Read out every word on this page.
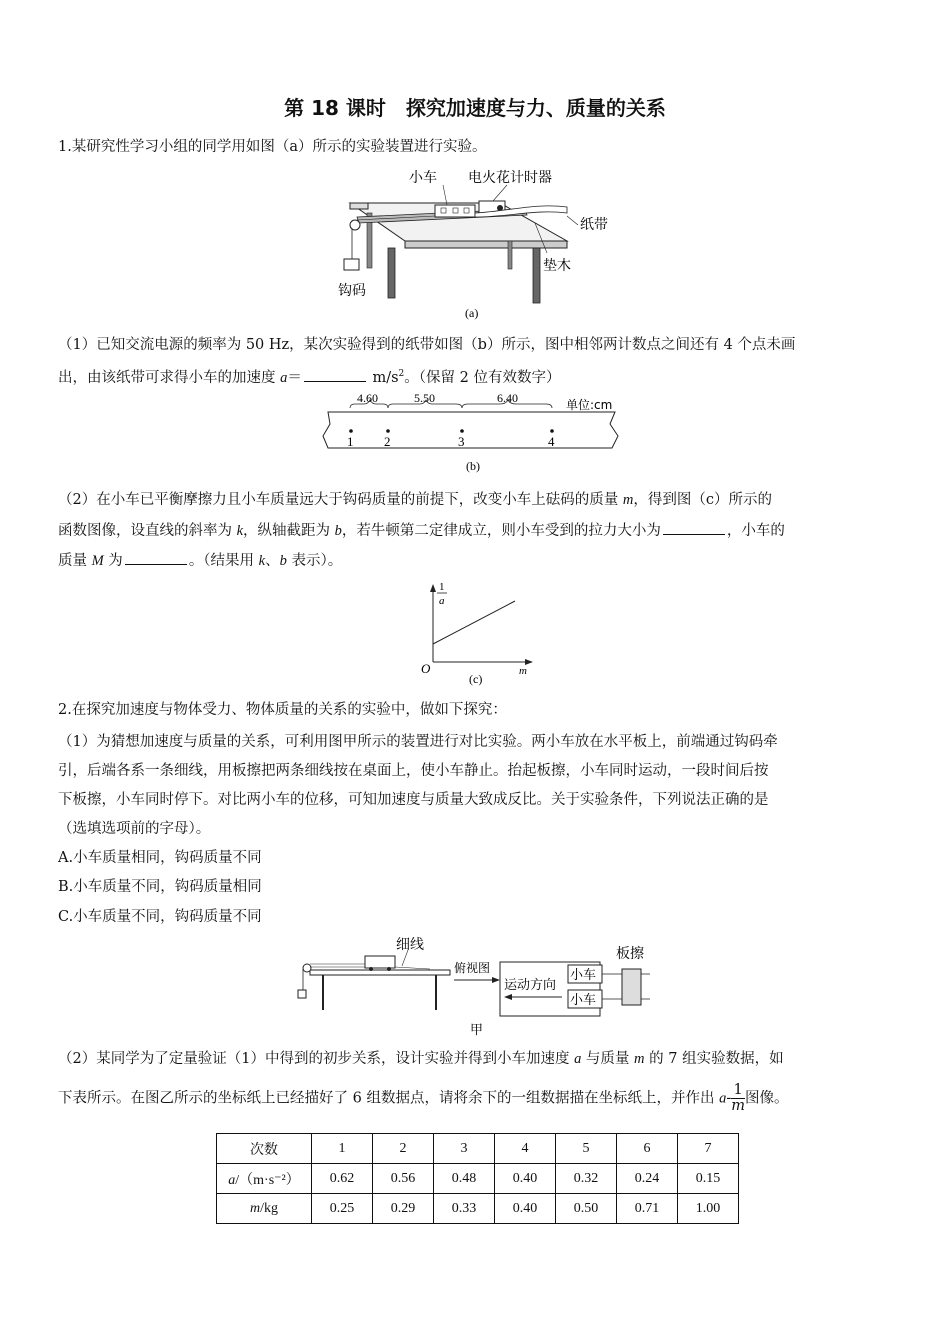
第 18 课时　探究加速度与力、质量的关系
1.某研究性学习小组的同学用如图（a）所示的实验装置进行实验。
小车 电火花计时器
纸带
垫木
钩码
(a)
（1）已知交流电源的频率为 50 Hz，某次实验得到的纸带如图（b）所示，图中相邻两计数点之间还有 4 个点未画
出，由该纸带可求得小车的加速度 a＝	$m/s^2$。（保留 2 位有效数字）
4.60	5.50	6.40	单位:cm
1 2	3	4
(b)
（2）在小车已平衡摩擦力且小车质量远大于钩码质量的前提下，改变小车上砝码的质量 m，得到图（c）所示的
函数图像，设直线的斜率为 k，纵轴截距为 b，若牛顿第二定律成立，则小车受到的拉力大小为	，小车的
质量 M 为	。（结果用 k、b 表示）。
1
a
O	m
(c)
2.在探究加速度与物体受力、物体质量的关系的实验中，做如下探究：
（1）为猜想加速度与质量的关系，可利用图甲所示的装置进行对比实验。两小车放在水平板上，前端通过钩码牵
引，后端各系一条细线，用板擦把两条细线按在桌面上，使小车静止。抬起板擦，小车同时运动，一段时间后按
下板擦，小车同时停下。对比两小车的位移，可知加速度与质量大致成反比。关于实验条件，下列说法正确的是
（选填选项前的字母）。
A.小车质量相同，钩码质量不同
B.小车质量不同，钩码质量相同
C.小车质量不同，钩码质量不同
细线
俯视图
运动方向
小车
小车
板擦
甲
（2）某同学为了定量验证（1）中得到的初步关系，设计实验并得到小车加速度 a 与质量 m 的 7 组实验数据，如
下表所示。在图乙所示的坐标纸上已经描好了 6 组数据点，请将余下的一组数据描在坐标纸上，并作出 $a- \frac{1}{m}$ 图像。
次数	1	2	3	4	5	6	7
a/（m·s⁻²）	0.62	0.56	0.48	0.40	0.32	0.24	0.15
m/kg	0.25	0.29	0.33	0.40	0.50	0.71	1.00
